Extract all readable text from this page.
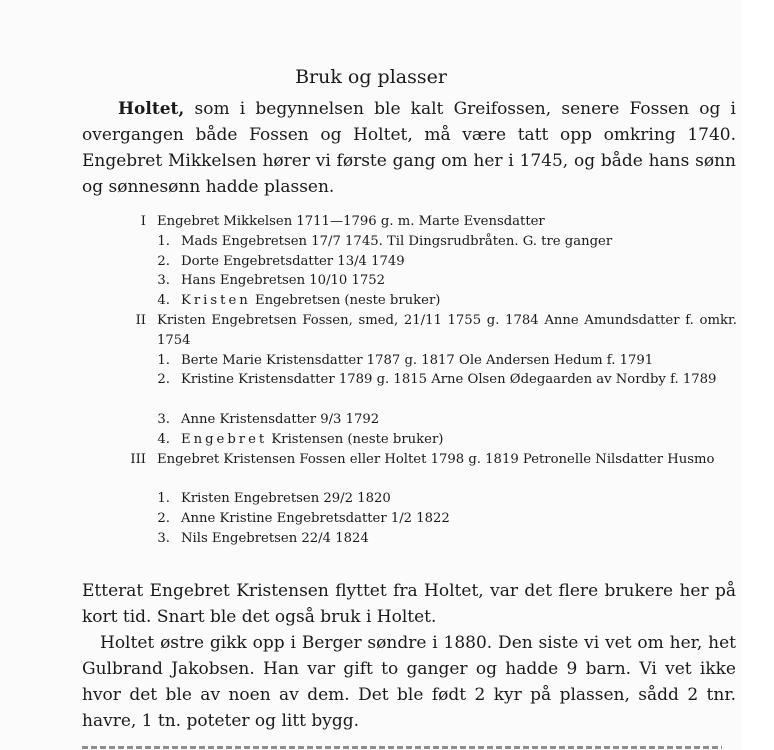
Bruk og plasser

Holtet, som i begynnelsen ble kalt Greifossen, senere Fossen og i overgangen både Fossen og Holtet, må være tatt opp omkring 1740. Engebret Mikkelsen hører vi første gang om her i 1745, og både hans sønn og sønnesønn hadde plassen.

I Engebret Mikkelsen 1711—1796 g. m. Marte Evensdatter
1. Mads Engebretsen 17/7 1745. Til Dingsrudbråten. G. tre ganger
2. Dorte Engebretsdatter 13/4 1749
3. Hans Engebretsen 10/10 1752
4. Kristen Engebretsen (neste bruker)
II Kristen Engebretsen Fossen, smed, 21/11 1755 g. 1784 Anne Amundsdatter f. omkr. 1754
1. Berte Marie Kristensdatter 1787 g. 1817 Ole Andersen Hedum f. 1791
2. Kristine Kristensdatter 1789 g. 1815 Arne Olsen Ødegaarden av Nordby f. 1789
3. Anne Kristensdatter 9/3 1792
4. Engebret Kristensen (neste bruker)
III Engebret Kristensen Fossen eller Holtet 1798 g. 1819 Petronelle Nilsdatter Husmo
1. Kristen Engebretsen 29/2 1820
2. Anne Kristine Engebretsdatter 1/2 1822
3. Nils Engebretsen 22/4 1824

Etterat Engebret Kristensen flyttet fra Holtet, var det flere brukere her på kort tid. Snart ble det også bruk i Holtet.

Holtet østre gikk opp i Berger søndre i 1880. Den siste vi vet om her, het Gulbrand Jakobsen. Han var gift to ganger og hadde 9 barn. Vi vet ikke hvor det ble av noen av dem. Det ble født 2 kyr på plassen, sådd 2 tnr. havre, 1 tn. poteter og litt bygg.
